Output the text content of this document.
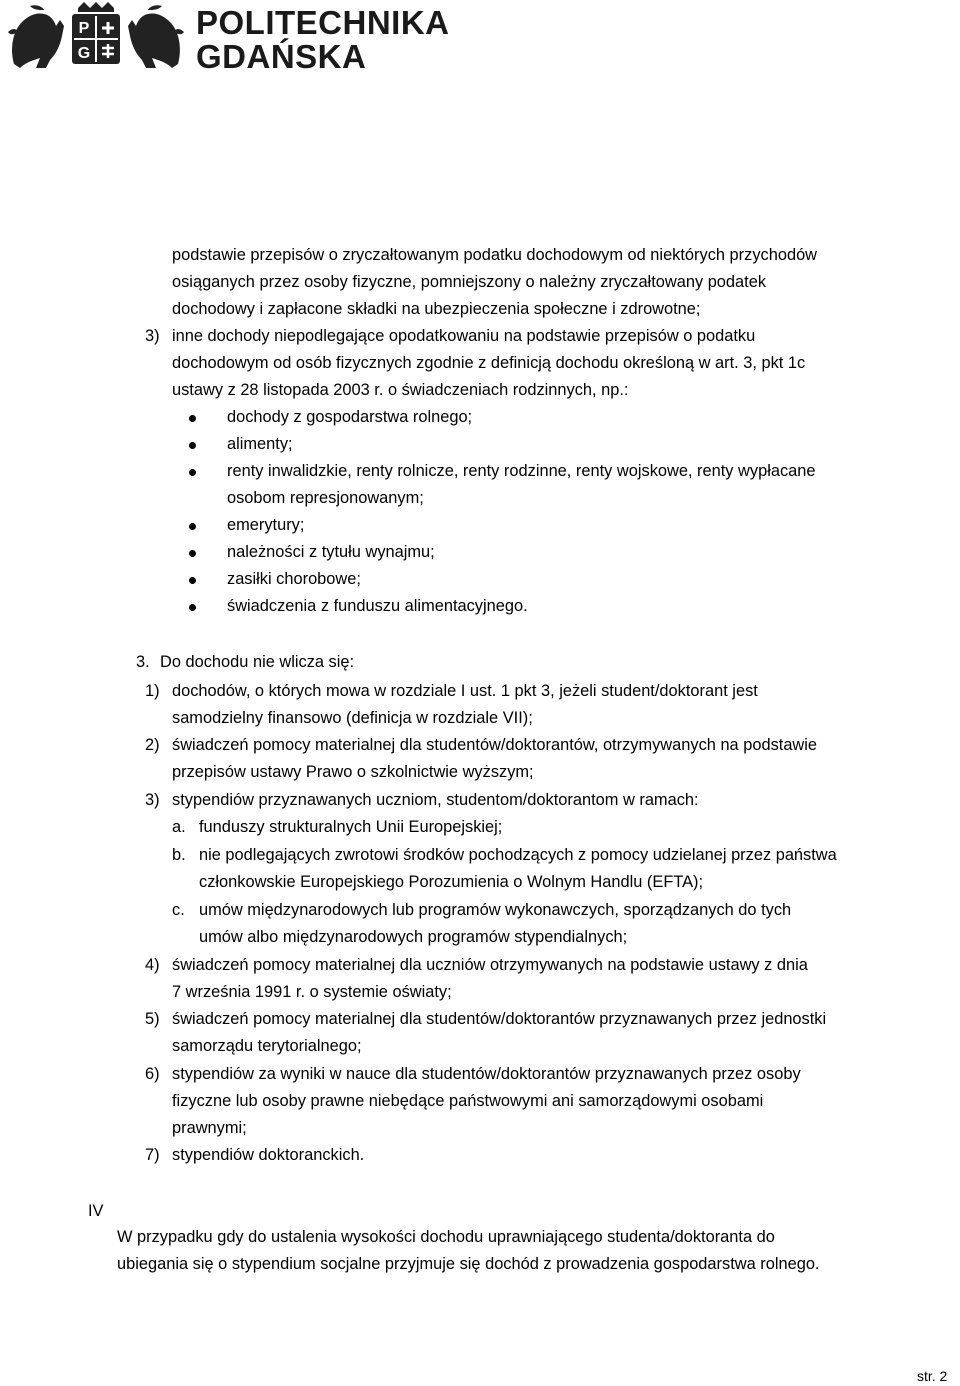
P
G
POLITECHNIKA
GDAŃSKA
podstawie przepisów o zryczałtowanym podatku dochodowym od niektórych przychodów
osiąganych przez osoby fizyczne, pomniejszony o należny zryczałtowany podatek
dochodowy i zapłacone składki na ubezpieczenia społeczne i zdrowotne;
3) inne dochody niepodlegające opodatkowaniu na podstawie przepisów o podatku
dochodowym od osób fizycznych zgodnie z definicją dochodu określoną w art. 3, pkt 1c
ustawy z 28 listopada 2003 r. o świadczeniach rodzinnych, np.:
dochody z gospodarstwa rolnego;
alimenty;
renty inwalidzkie, renty rolnicze, renty rodzinne, renty wojskowe, renty wypłacane
osobom represjonowanym;
emerytury;
należności z tytułu wynajmu;
zasiłki chorobowe;
świadczenia z funduszu alimentacyjnego.
3. Do dochodu nie wlicza się:
1) dochodów, o których mowa w rozdziale I ust. 1 pkt 3, jeżeli student/doktorant jest
samodzielny finansowo (definicja w rozdziale VII);
2) świadczeń pomocy materialnej dla studentów/doktorantów, otrzymywanych na podstawie
przepisów ustawy Prawo o szkolnictwie wyższym;
3) stypendiów przyznawanych uczniom, studentom/doktorantom w ramach:
a. funduszy strukturalnych Unii Europejskiej;
b. nie podlegających zwrotowi środków pochodzących z pomocy udzielanej przez państwa
członkowskie Europejskiego Porozumienia o Wolnym Handlu (EFTA);
c. umów międzynarodowych lub programów wykonawczych, sporządzanych do tych
umów albo międzynarodowych programów stypendialnych;
4) świadczeń pomocy materialnej dla uczniów otrzymywanych na podstawie ustawy z dnia
7 września 1991 r. o systemie oświaty;
5) świadczeń pomocy materialnej dla studentów/doktorantów przyznawanych przez jednostki
samorządu terytorialnego;
6) stypendiów za wyniki w nauce dla studentów/doktorantów przyznawanych przez osoby
fizyczne lub osoby prawne niebędące państwowymi ani samorządowymi osobami
prawnymi;
7) stypendiów doktoranckich.
IV
W przypadku gdy do ustalenia wysokości dochodu uprawniającego studenta/doktoranta do
ubiegania się o stypendium socjalne przyjmuje się dochód z prowadzenia gospodarstwa rolnego.
str. 2
